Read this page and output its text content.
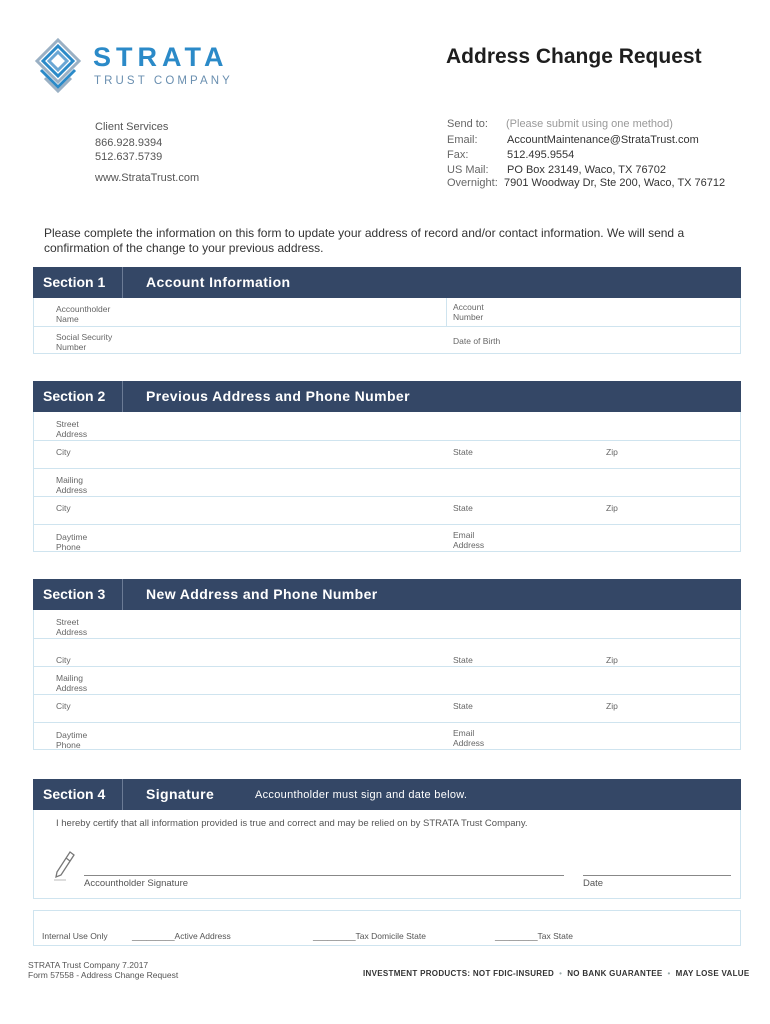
STRATA
TRUST COMPANY
Address Change Request
Client Services
866.928.9394
512.637.5739
www.StrataTrust.com
Send to: (Please submit using one method)
Email:	AccountMaintenance@StrataTrust.com
Fax:	512.495.9554
US Mail: PO Box 23149, Waco, TX 76702
Overnight: 7901 Woodway Dr, Ste 200, Waco, TX 76712
Please complete the information on this form to update your address of record and/or contact information. We will send a confirmation of the change to your previous address.
Section 1	Account Information
Accountholder Name
Account Number
Social Security Number
Date of Birth
Section 2	Previous Address and Phone Number
Street Address
City	State	Zip
Mailing Address
City	State	Zip
Daytime Phone
Email Address
Section 3	New Address and Phone Number
Street Address
City	State	Zip
Mailing Address
City	State	Zip
Daytime Phone
Email Address
Section 4	Signature	Accountholder must sign and date below.
I hereby certify that all information provided is true and correct and may be relied on by STRATA Trust Company.
Accountholder Signature	Date
Internal Use Only	_________Active Address	_________Tax Domicile State	_________Tax State
STRATA Trust Company 7.2017
Form 57558 - Address Change Request	INVESTMENT PRODUCTS: NOT FDIC-INSURED • NO BANK GUARANTEE • MAY LOSE VALUE
